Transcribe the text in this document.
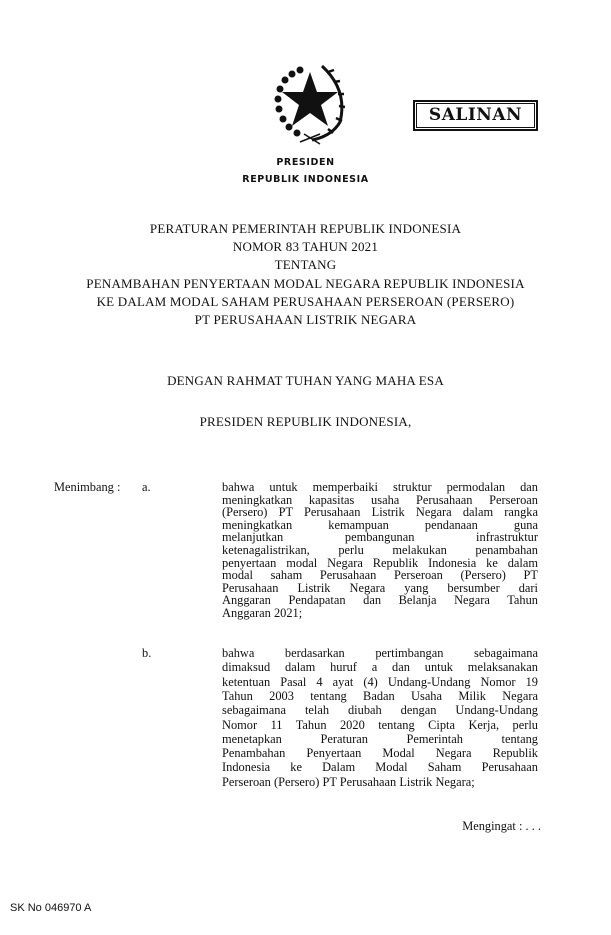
SALINAN
PRESIDEN
REPUBLIK INDONESIA
PERATURAN PEMERINTAH REPUBLIK INDONESIA
NOMOR 83 TAHUN 2021
TENTANG
PENAMBAHAN PENYERTAAN MODAL NEGARA REPUBLIK INDONESIA
KE DALAM MODAL SAHAM PERUSAHAAN PERSEROAN (PERSERO)
PT PERUSAHAAN LISTRIK NEGARA
DENGAN RAHMAT TUHAN YANG MAHA ESA
PRESIDEN REPUBLIK INDONESIA,
Menimbang : a.	bahwa untuk memperbaiki struktur permodalan dan
meningkatkan kapasitas usaha Perusahaan Perseroan
(Persero) PT Perusahaan Listrik Negara dalam rangka
meningkatkan kemampuan pendanaan guna
melanjutkan pembangunan infrastruktur
ketenagalistrikan, perlu melakukan penambahan
penyertaan modal Negara Republik Indonesia ke dalam
modal saham Perusahaan Perseroan (Persero) PT
Perusahaan Listrik Negara yang bersumber dari
Anggaran Pendapatan dan Belanja Negara Tahun
Anggaran 2021;
b.	bahwa berdasarkan pertimbangan sebagaimana
dimaksud dalam huruf a dan untuk melaksanakan
ketentuan Pasal 4 ayat (4) Undang-Undang Nomor 19
Tahun 2003 tentang Badan Usaha Milik Negara
sebagaimana telah diubah dengan Undang-Undang
Nomor 11 Tahun 2020 tentang Cipta Kerja, perlu
menetapkan Peraturan Pemerintah tentang
Penambahan Penyertaan Modal Negara Republik
Indonesia ke Dalam Modal Saham Perusahaan
Perseroan (Persero) PT Perusahaan Listrik Negara;
Mengingat : . . .
SK No 046970 A
